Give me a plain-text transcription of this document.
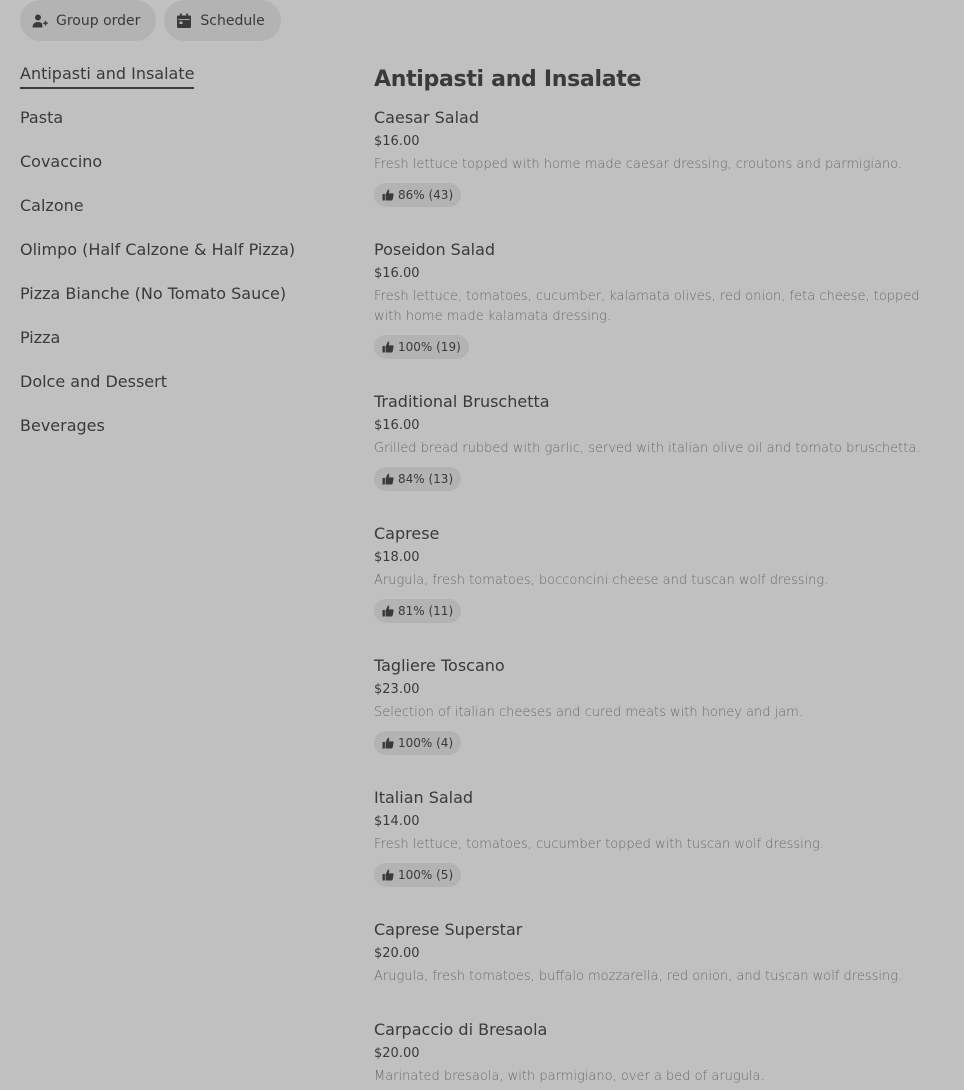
Group order	Schedule
Antipasti and Insalate
Pasta
Covaccino
Calzone
Olimpo (Half Calzone & Half Pizza)
Pizza Bianche (No Tomato Sauce)
Pizza
Dolce and Dessert
Beverages
Antipasti and Insalate
Caesar Salad
$16.00
Fresh lettuce topped with home made caesar dressing, croutons and parmigiano.
86% (43)
Poseidon Salad
$16.00
Fresh lettuce, tomatoes, cucumber, kalamata olives, red onion, feta cheese, topped with home made kalamata dressing.
100% (19)
Traditional Bruschetta
$16.00
Grilled bread rubbed with garlic, served with italian olive oil and tomato bruschetta.
84% (13)
Caprese
$18.00
Arugula, fresh tomatoes, bocconcini cheese and tuscan wolf dressing.
81% (11)
Tagliere Toscano
$23.00
Selection of italian cheeses and cured meats with honey and jam.
100% (4)
Italian Salad
$14.00
Fresh lettuce, tomatoes, cucumber topped with tuscan wolf dressing.
100% (5)
Caprese Superstar
$20.00
Arugula, fresh tomatoes, buffalo mozzarella, red onion, and tuscan wolf dressing.
Carpaccio di Bresaola
$20.00
Marinated bresaola, with parmigiano, over a bed of arugula.
